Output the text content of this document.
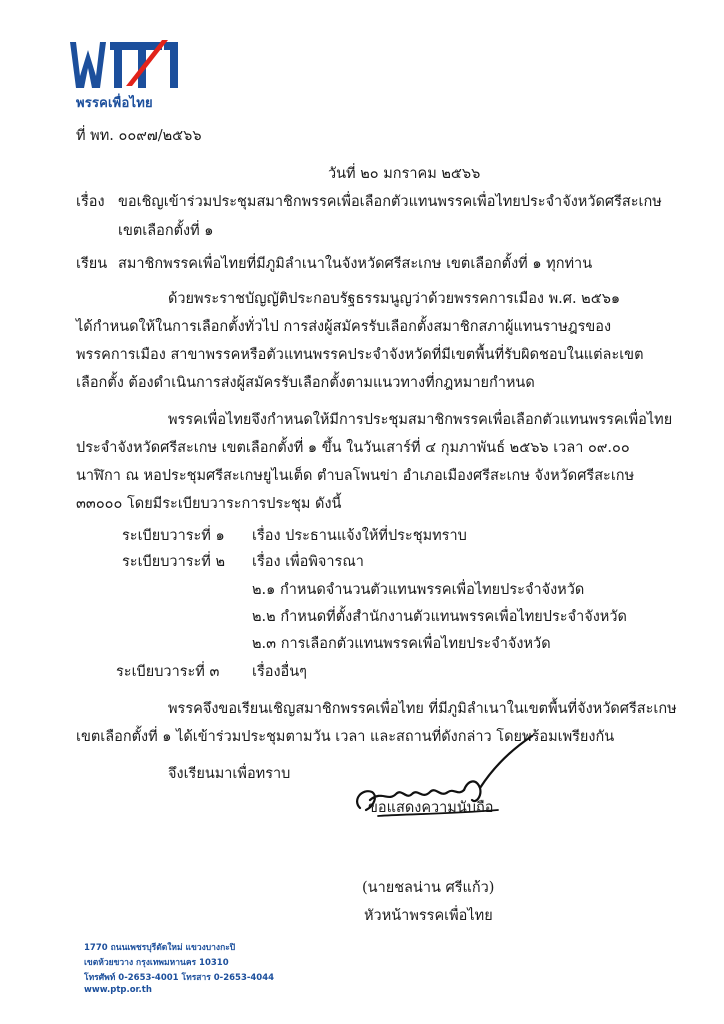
พรรคเพื่อไทย
ที่ พท. ๐๐๙๗/๒๕๖๖
วันที่ ๒๐ มกราคม ๒๕๖๖
เรื่อง ขอเชิญเข้าร่วมประชุมสมาชิกพรรคเพื่อเลือกตัวแทนพรรคเพื่อไทยประจำจังหวัดศรีสะเกษ
เขตเลือกตั้งที่ ๑
เรียน สมาชิกพรรคเพื่อไทยที่มีภูมิลำเนาในจังหวัดศรีสะเกษ เขตเลือกตั้งที่ ๑ ทุกท่าน
ด้วยพระราชบัญญัติประกอบรัฐธรรมนูญว่าด้วยพรรคการเมือง พ.ศ. ๒๕๖๑
ได้กำหนดให้ในการเลือกตั้งทั่วไป การส่งผู้สมัครรับเลือกตั้งสมาชิกสภาผู้แทนราษฎรของ
พรรคการเมือง สาขาพรรคหรือตัวแทนพรรคประจำจังหวัดที่มีเขตพื้นที่รับผิดชอบในแต่ละเขต
เลือกตั้ง ต้องดำเนินการส่งผู้สมัครรับเลือกตั้งตามแนวทางที่กฎหมายกำหนด
พรรคเพื่อไทยจึงกำหนดให้มีการประชุมสมาชิกพรรคเพื่อเลือกตัวแทนพรรคเพื่อไทย
ประจำจังหวัดศรีสะเกษ เขตเลือกตั้งที่ ๑ ขึ้น ในวันเสาร์ที่ ๔ กุมภาพันธ์ ๒๕๖๖ เวลา ๐๙.๐๐
นาฬิกา ณ หอประชุมศรีสะเกษยูไนเต็ด ตำบลโพนข่า อำเภอเมืองศรีสะเกษ จังหวัดศรีสะเกษ
๓๓๐๐๐ โดยมีระเบียบวาระการประชุม ดังนี้
ระเบียบวาระที่ ๑ เรื่อง ประธานแจ้งให้ที่ประชุมทราบ
ระเบียบวาระที่ ๒ เรื่อง เพื่อพิจารณา
๒.๑ กำหนดจำนวนตัวแทนพรรคเพื่อไทยประจำจังหวัด
๒.๒ กำหนดที่ตั้งสำนักงานตัวแทนพรรคเพื่อไทยประจำจังหวัด
๒.๓ การเลือกตัวแทนพรรคเพื่อไทยประจำจังหวัด
ระเบียบวาระที่ ๓ เรื่องอื่นๆ
พรรคจึงขอเรียนเชิญสมาชิกพรรคเพื่อไทย ที่มีภูมิลำเนาในเขตพื้นที่จังหวัดศรีสะเกษ
เขตเลือกตั้งที่ ๑ ได้เข้าร่วมประชุมตามวัน เวลา และสถานที่ดังกล่าว โดยพร้อมเพรียงกัน
จึงเรียนมาเพื่อทราบ
ขอแสดงความนับถือ
(นายชลน่าน ศรีแก้ว)
หัวหน้าพรรคเพื่อไทย
1770 ถนนเพชรบุรีตัดใหม่ แขวงบางกะปิ
เขตห้วยขวาง กรุงเทพมหานคร 10310
โทรศัพท์ 0-2653-4001 โทรสาร 0-2653-4044
www.ptp.or.th
